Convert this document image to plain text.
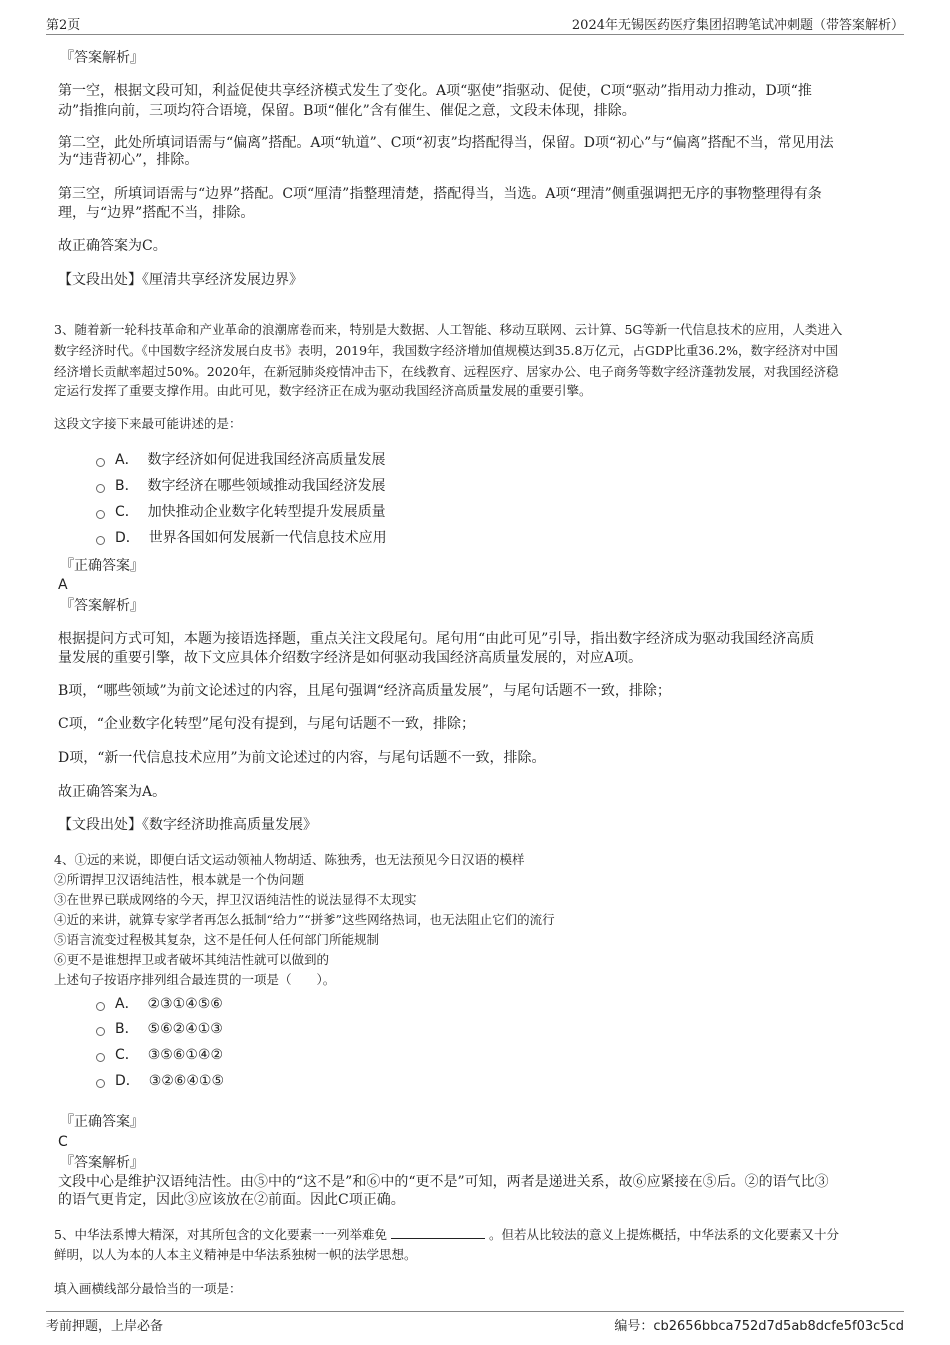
第2页	2024年无锡医药医疗集团招聘笔试冲刺题（带答案解析）
『答案解析』
第一空，根据文段可知，利益促使共享经济模式发生了变化。A项“驱使”指驱动、促使，C项“驱动”指用动力推动，D项“推
动”指推向前，三项均符合语境，保留。B项“催化”含有催生、催促之意，文段未体现，排除。
第二空，此处所填词语需与“偏离”搭配。A项“轨道”、C项“初衷”均搭配得当，保留。D项“初心”与“偏离”搭配不当，常见用法
为“违背初心”，排除。
第三空，所填词语需与“边界”搭配。C项“厘清”指整理清楚，搭配得当，当选。A项“理清”侧重强调把无序的事物整理得有条
理，与“边界”搭配不当，排除。
故正确答案为C。
【文段出处】《厘清共享经济发展边界》
3、随着新一轮科技革命和产业革命的浪潮席卷而来，特别是大数据、人工智能、移动互联网、云计算、5G等新一代信息技术的应用，人类进入
数字经济时代。《中国数字经济发展白皮书》表明，2019年，我国数字经济增加值规模达到35.8万亿元，占GDP比重36.2%，数字经济对中国
经济增长贡献率超过50%。2020年，在新冠肺炎疫情冲击下，在线教育、远程医疗、居家办公、电子商务等数字经济蓬勃发展，对我国经济稳
定运行发挥了重要支撑作用。由此可见，数字经济正在成为驱动我国经济高质量发展的重要引擎。
这段文字接下来最可能讲述的是：
A． 数字经济如何促进我国经济高质量发展
B． 数字经济在哪些领域推动我国经济发展
C． 加快推动企业数字化转型提升发展质量
D． 世界各国如何发展新一代信息技术应用
『正确答案』
A
『答案解析』
根据提问方式可知，本题为接语选择题，重点关注文段尾句。尾句用“由此可见”引导，指出数字经济成为驱动我国经济高质
量发展的重要引擎，故下文应具体介绍数字经济是如何驱动我国经济高质量发展的，对应A项。
B项，“哪些领域”为前文论述过的内容，且尾句强调“经济高质量发展”，与尾句话题不一致，排除；
C项，“企业数字化转型”尾句没有提到，与尾句话题不一致，排除；
D项，“新一代信息技术应用”为前文论述过的内容，与尾句话题不一致，排除。
故正确答案为A。
【文段出处】《数字经济助推高质量发展》
4、①远的来说，即便白话文运动领袖人物胡适、陈独秀，也无法预见今日汉语的模样
②所谓捍卫汉语纯洁性，根本就是一个伪问题
③在世界已联成网络的今天，捍卫汉语纯洁性的说法显得不太现实
④近的来讲，就算专家学者再怎么抵制“给力”“拼爹”这些网络热词，也无法阻止它们的流行
⑤语言流变过程极其复杂，这不是任何人任何部门所能规制
⑥更不是谁想捍卫或者破坏其纯洁性就可以做到的
上述句子按语序排列组合最连贯的一项是（　　）。
A． ②③①④⑤⑥
B． ⑤⑥②④①③
C． ③⑤⑥①④②
D． ③②⑥④①⑤
『正确答案』
C
『答案解析』
文段中心是维护汉语纯洁性。由⑤中的“这不是”和⑥中的“更不是”可知，两者是递进关系，故⑥应紧接在⑤后。②的语气比③
的语气更肯定，因此③应该放在②前面。因此C项正确。
5、中华法系博大精深，对其所包含的文化要素一一列举难免	。但若从比较法的意义上提炼概括，中华法系的文化要素又十分
鲜明，以人为本的人本主义精神是中华法系独树一帜的法学思想。
填入画横线部分最恰当的一项是：
考前押题，上岸必备	编号：cb2656bbca752d7d5ab8dcfe5f03c5cd
